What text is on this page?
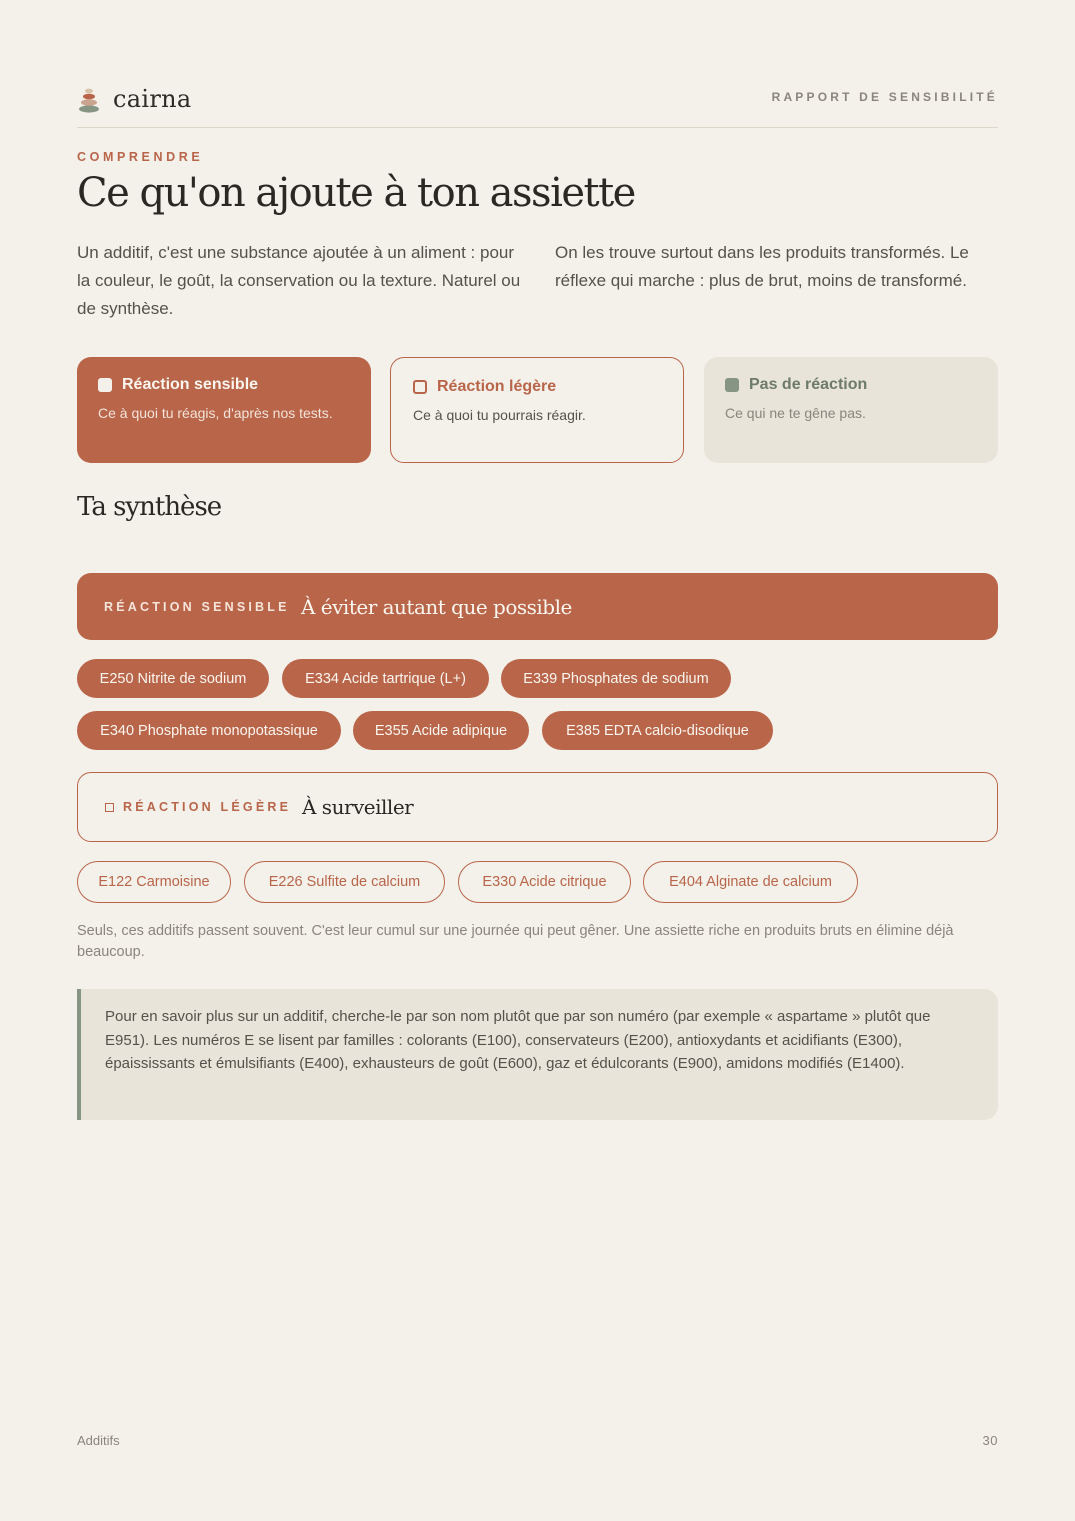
cairna	RAPPORT DE SENSIBILITÉ
COMPRENDRE
Ce qu'on ajoute à ton assiette

Un additif, c'est une substance ajoutée à un aliment : pour la couleur, le goût, la conservation ou la texture. Naturel ou de synthèse.

On les trouve surtout dans les produits transformés. Le réflexe qui marche : plus de brut, moins de transformé.

Réaction sensible
Ce à quoi tu réagis, d'après nos tests.
Réaction légère
Ce à quoi tu pourrais réagir.
Pas de réaction
Ce qui ne te gêne pas.
Ta synthèse
RÉACTION SENSIBLE À éviter autant que possible
E250 Nitrite de sodium	E334 Acide tartrique (L+)	E339 Phosphates de sodium
E340 Phosphate monopotassique	E355 Acide adipique	E385 EDTA calcio-disodique
RÉACTION LÉGÈRE À surveiller
E122 Carmoisine	E226 Sulfite de calcium	E330 Acide citrique	E404 Alginate de calcium

Seuls, ces additifs passent souvent. C'est leur cumul sur une journée qui peut gêner. Une assiette riche en produits bruts en élimine déjà beaucoup.

Pour en savoir plus sur un additif, cherche-le par son nom plutôt que par son numéro (par exemple « aspartame » plutôt que E951). Les numéros E se lisent par familles : colorants (E100), conservateurs (E200), antioxydants et acidifiants (E300), épaississants et émulsifiants (E400), exhausteurs de goût (E600), gaz et édulcorants (E900), amidons modifiés (E1400).

Additifs	30
